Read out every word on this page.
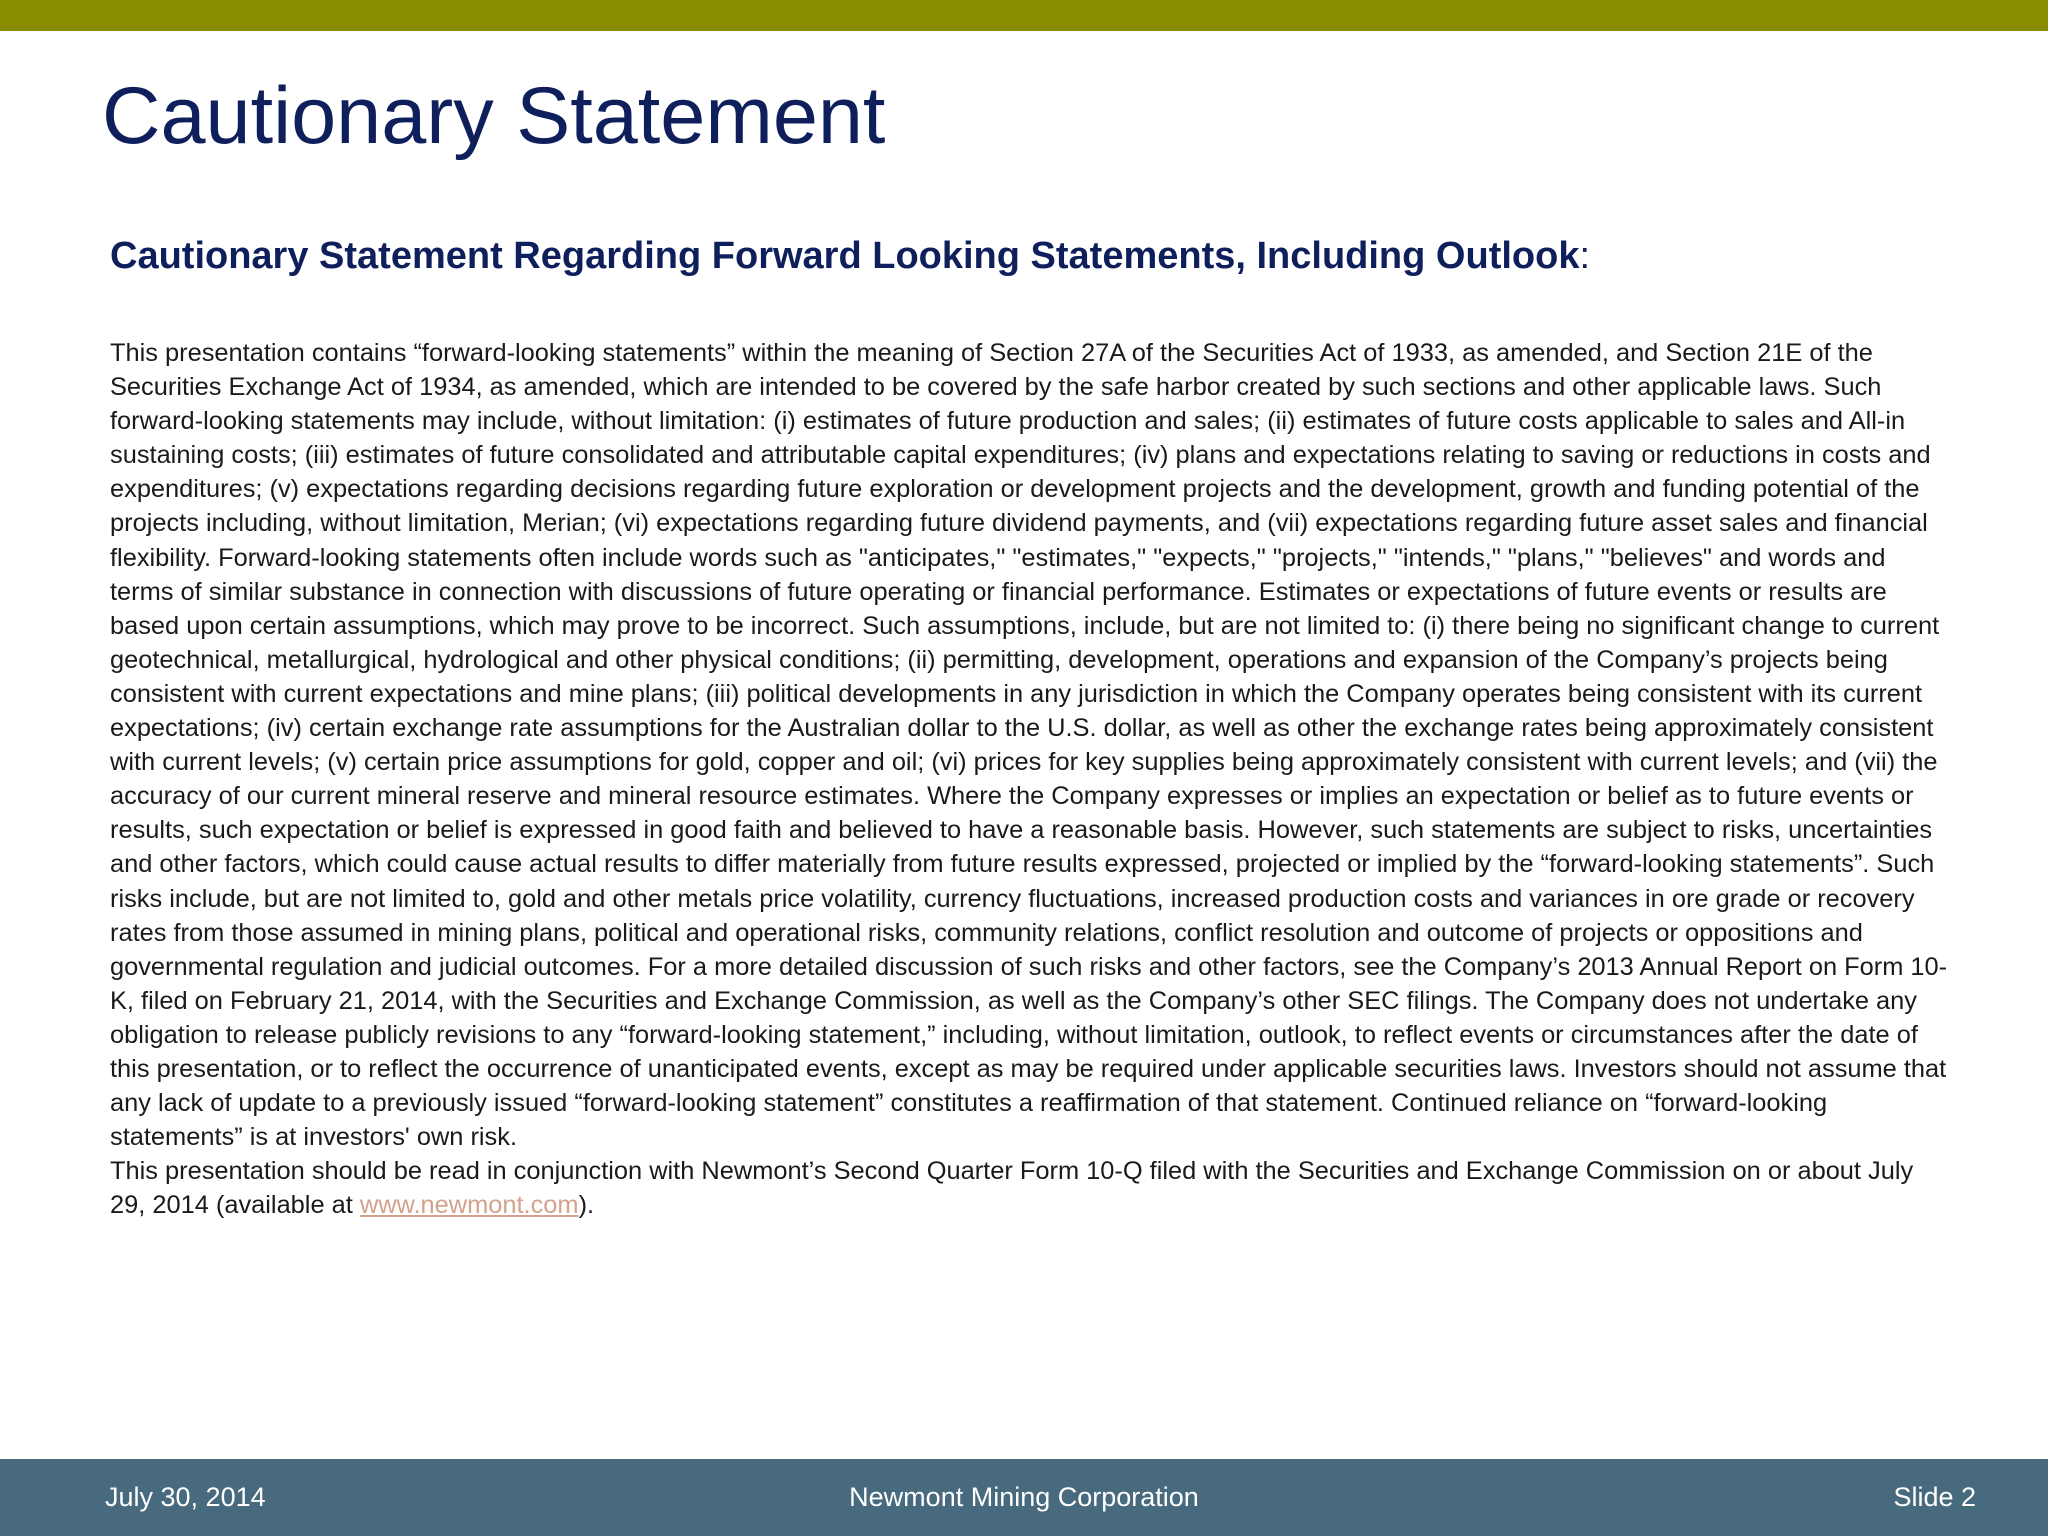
Cautionary Statement
Cautionary Statement Regarding Forward Looking Statements, Including Outlook:

This presentation contains “forward-looking statements” within the meaning of Section 27A of the Securities Act of 1933, as amended, and Section 21E of the Securities Exchange Act of 1934, as amended, which are intended to be covered by the safe harbor created by such sections and other applicable laws. Such forward-looking statements may include, without limitation: (i) estimates of future production and sales; (ii) estimates of future costs applicable to sales and All-in sustaining costs; (iii) estimates of future consolidated and attributable capital expenditures; (iv) plans and expectations relating to saving or reductions in costs and expenditures; (v) expectations regarding decisions regarding future exploration or development projects and the development, growth and funding potential of the projects including, without limitation, Merian; (vi) expectations regarding future dividend payments, and (vii) expectations regarding future asset sales and financial flexibility. Forward-looking statements often include words such as "anticipates," "estimates," "expects," "projects," "intends," "plans," "believes" and words and terms of similar substance in connection with discussions of future operating or financial performance. Estimates or expectations of future events or results are based upon certain assumptions, which may prove to be incorrect. Such assumptions, include, but are not limited to: (i) there being no significant change to current geotechnical, metallurgical, hydrological and other physical conditions; (ii) permitting, development, operations and expansion of the Company’s projects being consistent with current expectations and mine plans; (iii) political developments in any jurisdiction in which the Company operates being consistent with its current expectations; (iv) certain exchange rate assumptions for the Australian dollar to the U.S. dollar, as well as other the exchange rates being approximately consistent with current levels; (v) certain price assumptions for gold, copper and oil; (vi) prices for key supplies being approximately consistent with current levels; and (vii) the accuracy of our current mineral reserve and mineral resource estimates. Where the Company expresses or implies an expectation or belief as to future events or results, such expectation or belief is expressed in good faith and believed to have a reasonable basis. However, such statements are subject to risks, uncertainties and other factors, which could cause actual results to differ materially from future results expressed, projected or implied by the “forward-looking statements”. Such risks include, but are not limited to, gold and other metals price volatility, currency fluctuations, increased production costs and variances in ore grade or recovery rates from those assumed in mining plans, political and operational risks, community relations, conflict resolution and outcome of projects or oppositions and governmental regulation and judicial outcomes. For a more detailed discussion of such risks and other factors, see the Company’s 2013 Annual Report on Form 10-K, filed on February 21, 2014, with the Securities and Exchange Commission, as well as the Company’s other SEC filings. The Company does not undertake any obligation to release publicly revisions to any “forward-looking statement,” including, without limitation, outlook, to reflect events or circumstances after the date of this presentation, or to reflect the occurrence of unanticipated events, except as may be required under applicable securities laws. Investors should not assume that any lack of update to a previously issued “forward-looking statement” constitutes a reaffirmation of that statement. Continued reliance on “forward-looking statements” is at investors' own risk.

This presentation should be read in conjunction with Newmont’s Second Quarter Form 10-Q filed with the Securities and Exchange Commission on or about July 29, 2014 (available at www.newmont.com).

July 30, 2014	Newmont Mining Corporation	Slide 2
